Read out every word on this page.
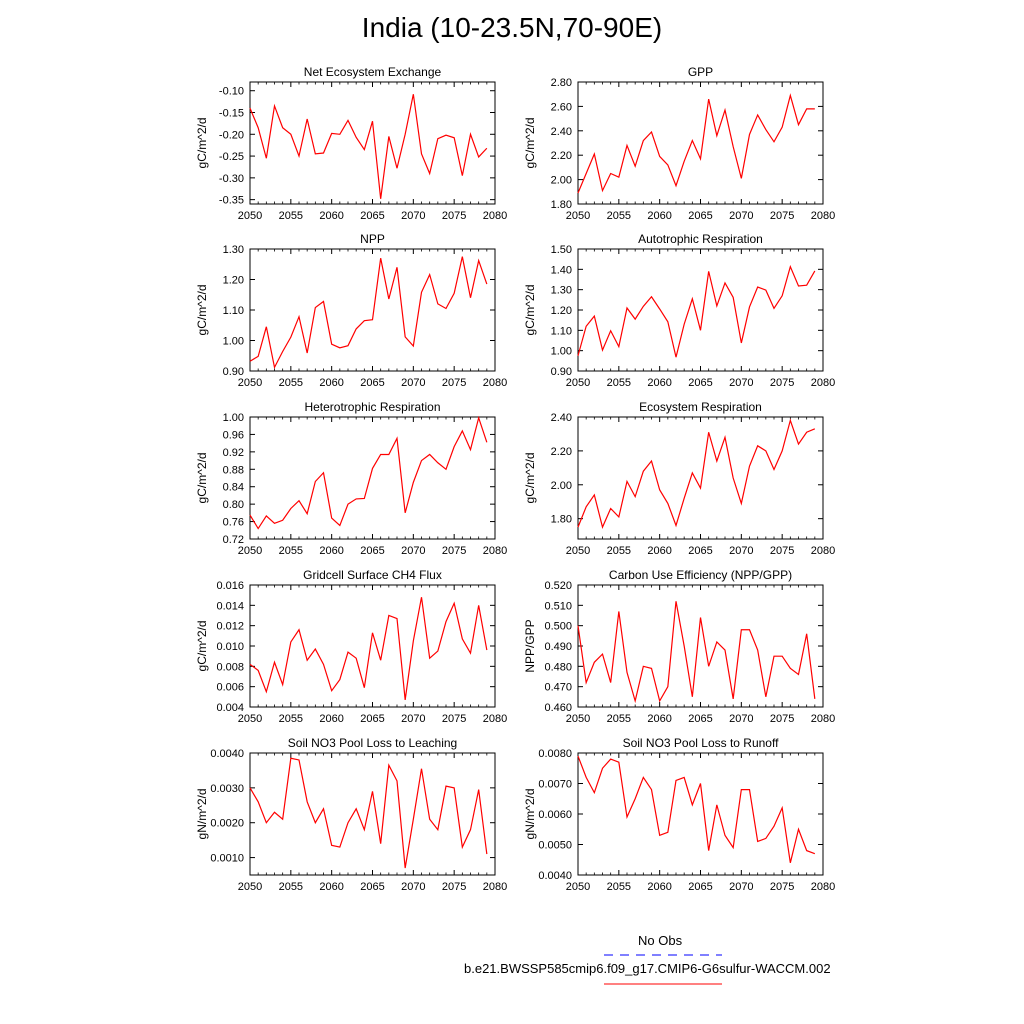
India (10-23.5N,70-90E)
Net Ecosystem Exchange
gC/m^2/d
2050 2055 2060 2065 2070 2075 2080
-0.35
-0.30
-0.25
-0.20
-0.15
-0.10
GPP
gC/m^2/d
2050 2055 2060 2065 2070 2075 2080
1.80
2.00
2.20
2.40
2.60
2.80
NPP
gC/m^2/d
2050 2055 2060 2065 2070 2075 2080
0.90
1.00
1.10
1.20
1.30
Autotrophic Respiration
gC/m^2/d
2050 2055 2060 2065 2070 2075 2080
0.90
1.00
1.10
1.20
1.30
1.40
1.50
Heterotrophic Respiration
gC/m^2/d
2050 2055 2060 2065 2070 2075 2080
0.72
0.76
0.80
0.84
0.88
0.92
0.96
1.00
Ecosystem Respiration
gC/m^2/d
2050 2055 2060 2065 2070 2075 2080
1.80
2.00
2.20
2.40
Gridcell Surface CH4 Flux
gC/m^2/d
2050 2055 2060 2065 2070 2075 2080
0.004
0.006
0.008
0.010
0.012
0.014
0.016
Carbon Use Efficiency (NPP/GPP)
NPP/GPP
2050 2055 2060 2065 2070 2075 2080
0.460
0.470
0.480
0.490
0.500
0.510
0.520
Soil NO3 Pool Loss to Leaching
gN/m^2/d
2050 2055 2060 2065 2070 2075 2080
0.0010
0.0020
0.0030
0.0040
Soil NO3 Pool Loss to Runoff
gN/m^2/d
2050 2055 2060 2065 2070 2075 2080
0.0040
0.0050
0.0060
0.0070
0.0080
No Obs
b.e21.BWSSP585cmip6.f09_g17.CMIP6-G6sulfur-WACCM.002
